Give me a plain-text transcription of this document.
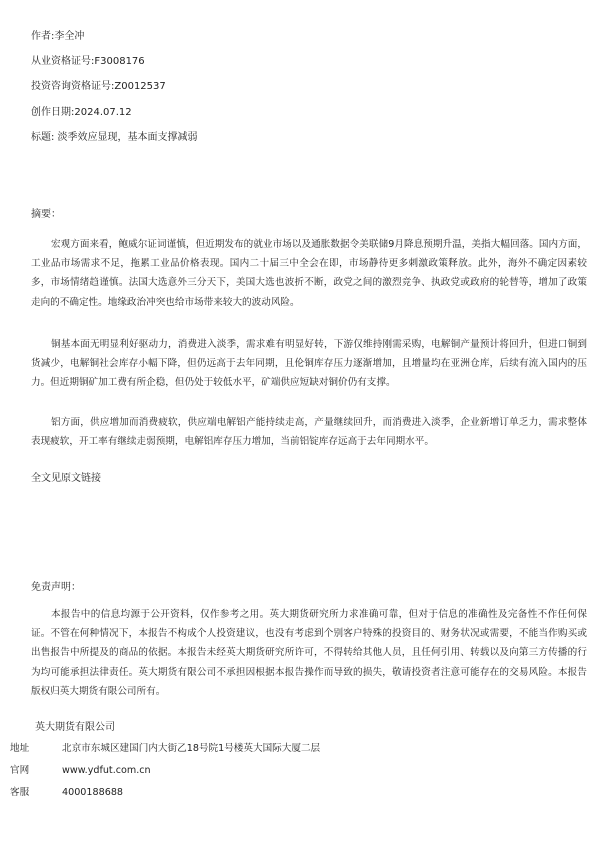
作者:李全冲
从业资格证号:F3008176
投资咨询资格证号:Z0012537
创作日期:2024.07.12
标题: 淡季效应显现，基本面支撑减弱
摘要：
宏观方面来看，鲍威尔证词谨慎，但近期发布的就业市场以及通胀数据令美联储9月降息预期升温，美指大幅回落。国内方面，工业品市场需求不足，拖累工业品价格表现。国内二十届三中全会在即，市场静待更多刺激政策释放。此外，海外不确定因素较多，市场情绪趋谨慎。法国大选意外三分天下，美国大选也波折不断，政党之间的激烈竞争、执政党或政府的轮替等，增加了政策走向的不确定性。地缘政治冲突也给市场带来较大的波动风险。
铜基本面无明显利好驱动力，消费进入淡季，需求难有明显好转，下游仅维持刚需采购，电解铜产量预计将回升，但进口铜到货减少，电解铜社会库存小幅下降，但仍远高于去年同期，且伦铜库存压力逐渐增加，且增量均在亚洲仓库，后续有流入国内的压力。但近期铜矿加工费有所企稳，但仍处于较低水平，矿端供应短缺对铜价仍有支撑。
铝方面，供应增加而消费疲软，供应端电解铝产能持续走高，产量继续回升，而消费进入淡季，企业新增订单乏力，需求整体表现疲软，开工率有继续走弱预期，电解铝库存压力增加，当前铝锭库存远高于去年同期水平。
全文见原文链接
免责声明：
本报告中的信息均源于公开资料，仅作参考之用。英大期货研究所力求准确可靠，但对于信息的准确性及完备性不作任何保证。不管在何种情况下，本报告不构成个人投资建议，也没有考虑到个别客户特殊的投资目的、财务状况或需要，不能当作购买或出售报告中所提及的商品的依据。本报告未经英大期货研究所许可，不得转给其他人员，且任何引用、转载以及向第三方传播的行为均可能承担法律责任。英大期货有限公司不承担因根据本报告操作而导致的损失，敬请投资者注意可能存在的交易风险。本报告版权归英大期货有限公司所有。
英大期货有限公司
地址	北京市东城区建国门内大街乙18号院1号楼英大国际大厦二层
官网	www.ydfut.com.cn
客服	4000188688
